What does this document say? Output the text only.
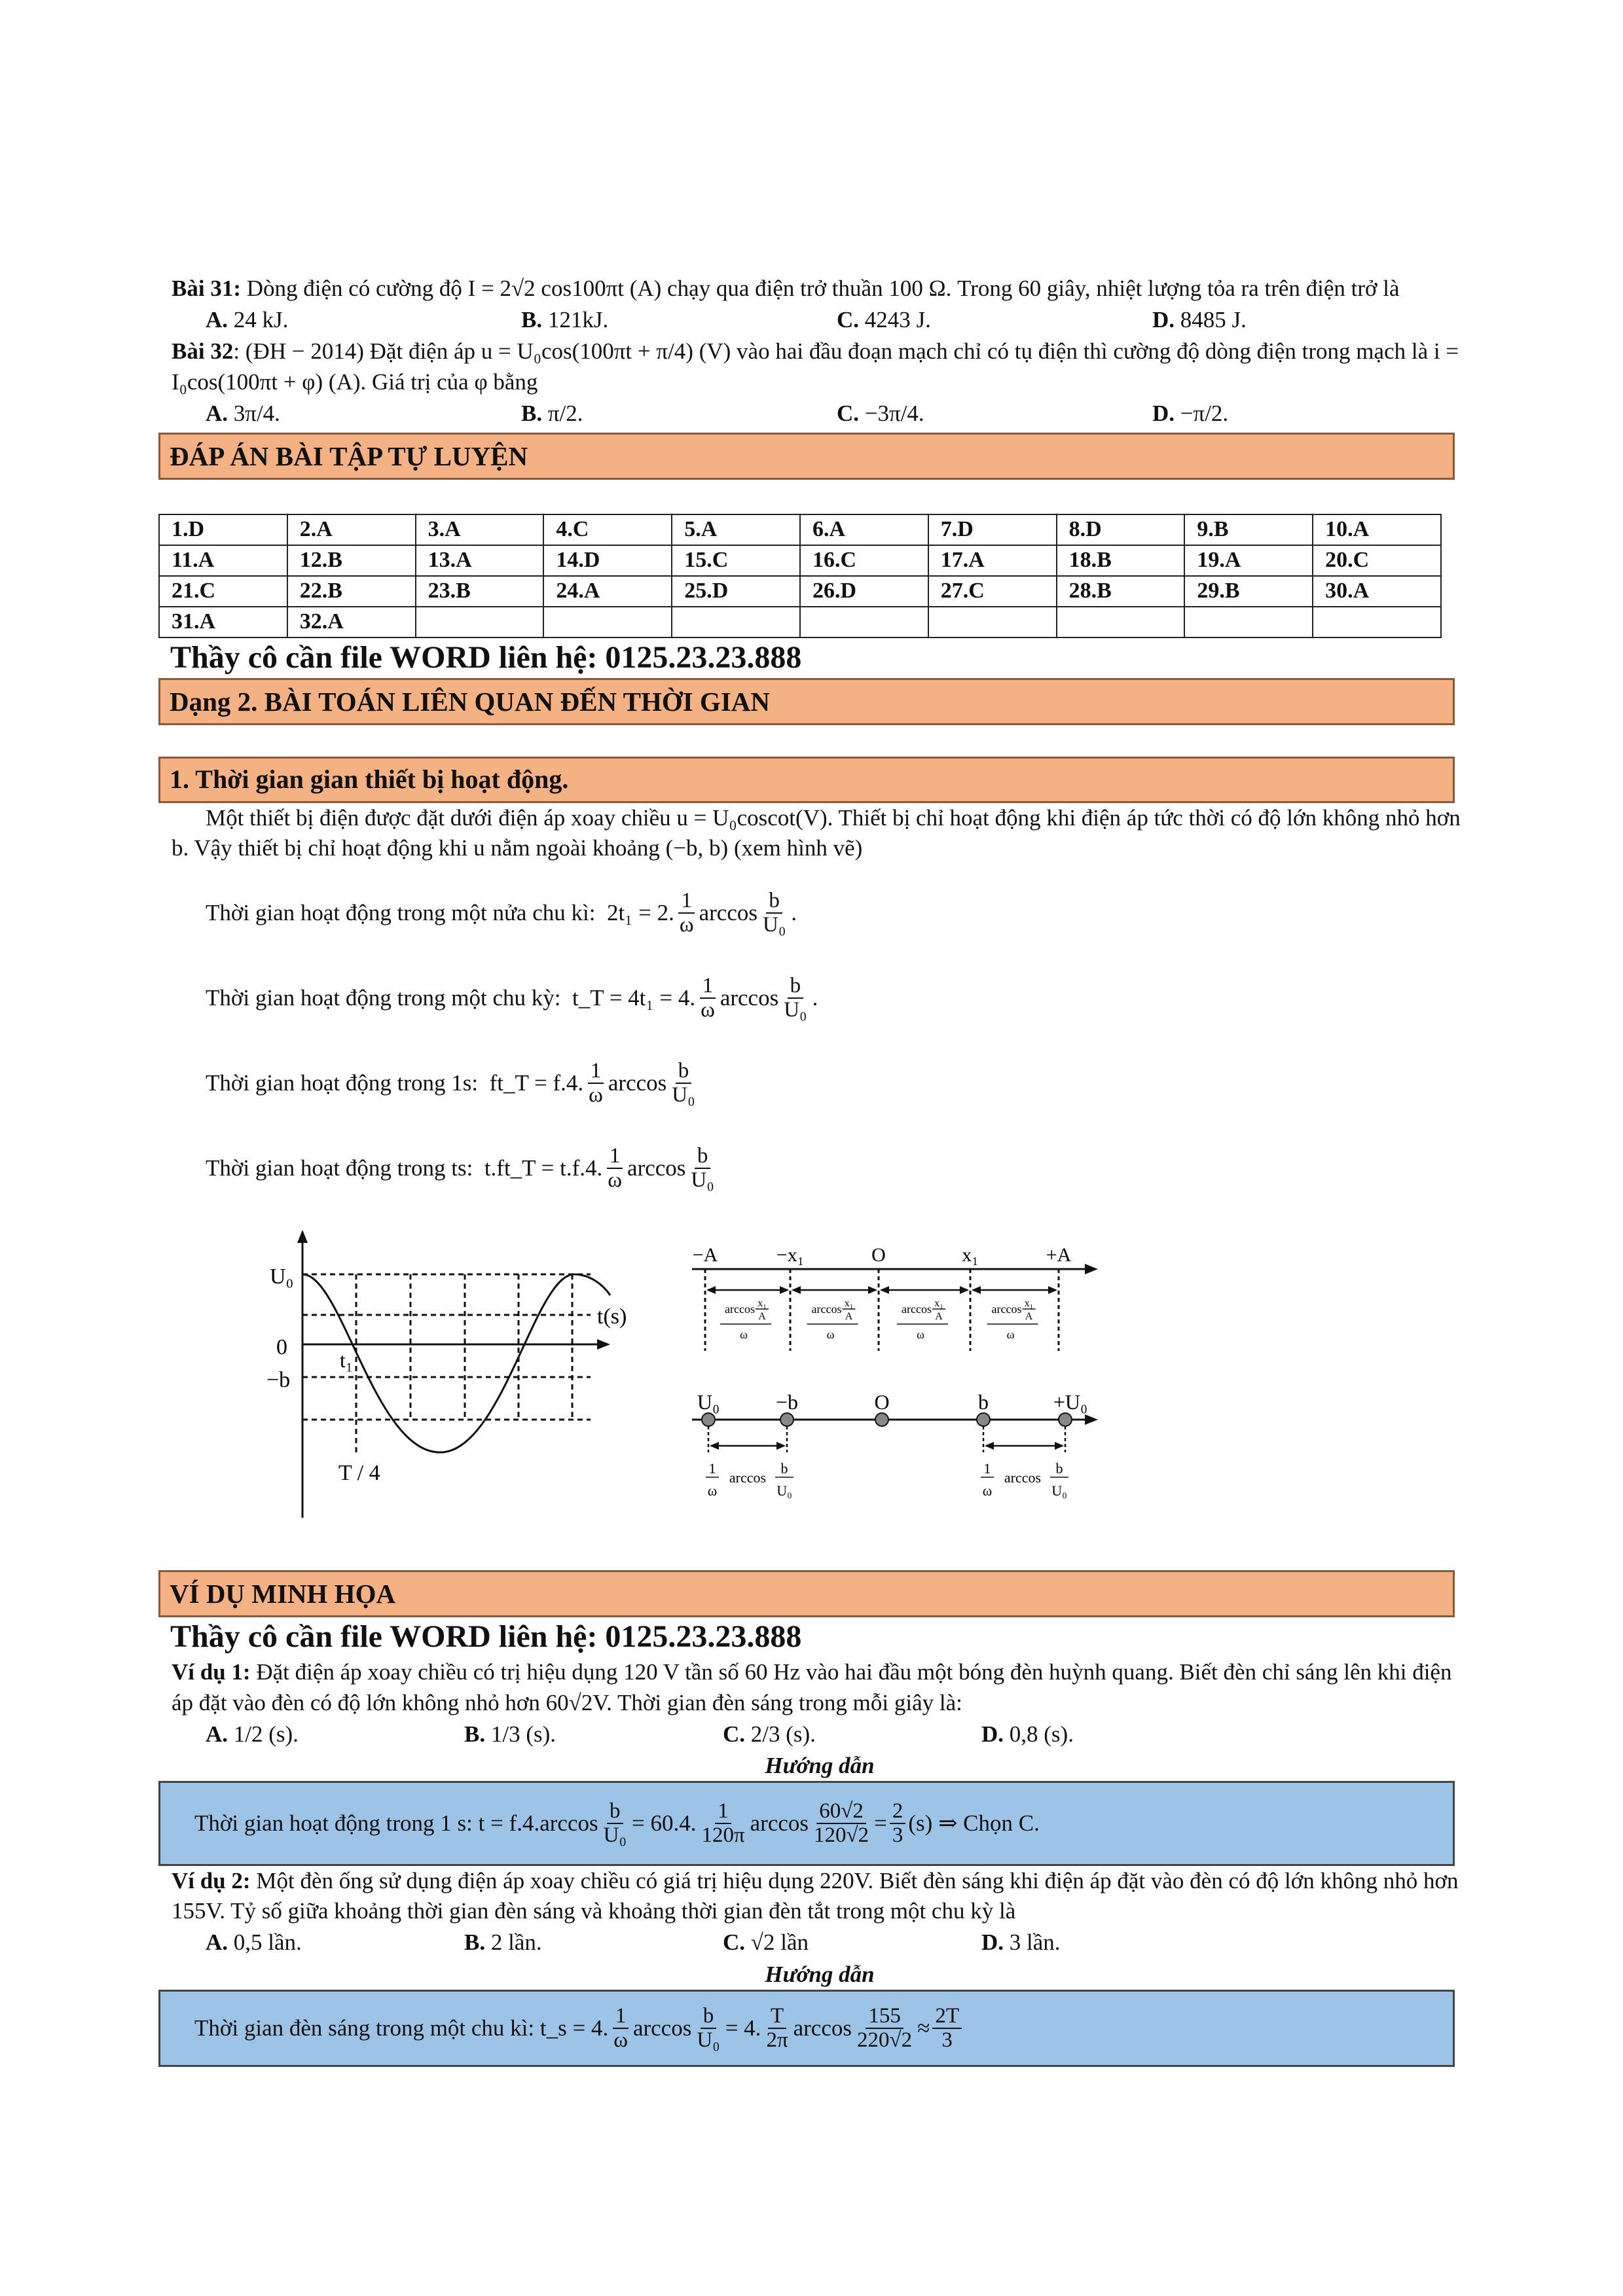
Bài 31: Dòng điện có cường độ I = 2√2 cos100πt (A) chạy qua điện trở thuần 100 Ω. Trong 60 giây, nhiệt lượng tỏa ra trên điện trở là

A. 24 kJ.	B. 121kJ.	C. 4243 J.	D. 8485 J.

Bài 32: (ĐH − 2014) Đặt điện áp u = U₀cos(100πt + π/4) (V) vào hai đầu đoạn mạch chỉ có tụ điện thì cường độ dòng điện trong mạch là i = I₀cos(100πt + φ) (A). Giá trị của φ bằng

A. 3π/4.	B. π/2.	C. −3π/4.	D. −π/2.
ĐÁP ÁN BÀI TẬP TỰ LUYỆN
1.D	2.A	3.A	4.C	5.A	6.A	7.D	8.D	9.B	10.A
11.A	12.B	13.A	14.D	15.C	16.C	17.A	18.B	19.A	20.C
21.C	22.B	23.B	24.A	25.D	26.D	27.C	28.B	29.B	30.A
31.A	32.A								
Thầy cô cần file WORD liên hệ: 0125.23.23.888
Dạng 2. BÀI TOÁN LIÊN QUAN ĐẾN THỜI GIAN
1. Thời gian gian thiết bị hoạt động.

Một thiết bị điện được đặt dưới điện áp xoay chiều u = U₀coscot(V). Thiết bị chỉ hoạt động khi điện áp tức thời có độ lớn không nhỏ hơn b. Vậy thiết bị chỉ hoạt động khi u nằm ngoài khoảng (−b, b) (xem hình vẽ)

Thời gian hoạt động trong một nửa chu kì:
2t₁ = 2. $\frac{1}{\omega}$ $\arccos \frac{b}{\text{U₀}}$ .
Thời gian hoạt động trong một chu kỳ:
t_T = 4t₁ = 4. $\frac{1}{\omega}$ $\arccos \frac{b}{\text{U₀}}$ .
Thời gian hoạt động trong 1s:
ft_T = f.4. $\frac{1}{\omega}$ $\arccos \frac{b}{\text{U₀}}$
Thời gian hoạt động trong ts:
t.ft_T = t.f.4. $\frac{1}{\omega}$ $\arccos \frac{b}{\text{U₀}}$
U₀
0
−b
t₁
t(s)
T / 4
−A	−x₁	O	x₁	+A
arccos x₁
A
ω
arccos x₁
A
ω
arccos x₁
A
ω
arccos x₁
A
ω
U₀	−b	O	b	+U₀
1
ω
arccos
b
U₀
1
ω
arccos
b
U₀
VÍ DỤ MINH HỌA
Thầy cô cần file WORD liên hệ: 0125.23.23.888

Ví dụ 1: Đặt điện áp xoay chiều có trị hiệu dụng 120 V tần số 60 Hz vào hai đầu một bóng đèn huỳnh quang. Biết đèn chỉ sáng lên khi điện áp đặt vào đèn có độ lớn không nhỏ hơn 60√2V. Thời gian đèn sáng trong mỗi giây là:

A. 1/2 (s).	B. 1/3 (s).	C. 2/3 (s).	D. 0,8 (s).

Hướng dẫn

Thời gian hoạt động trong 1 s:
$t = f.4.\arccos \frac{b}{\text{U₀}} = 60.4$. $\frac{1}{120\pi}$ $\arccos \frac{60√2}{120√2} = \frac{2}{3} (s)$ ⇒ Chọn C.

Ví dụ 2: Một đèn ống sử dụng điện áp xoay chiều có giá trị hiệu dụng 220V. Biết đèn sáng khi điện áp đặt vào đèn có độ lớn không nhỏ hơn 155V. Tỷ số giữa khoảng thời gian đèn sáng và khoảng thời gian đèn tắt trong một chu kỳ là

A. 0,5 lần.	B. 2 lần.	C. √2 lần	D. 3 lần.

Hướng dẫn

Thời gian đèn sáng trong một chu kì:
t_s = 4. $\frac{1}{\omega}$ $\arccos \frac{b}{\text{U₀}} = 4$. $\frac{T}{2\pi}$ $\arccos \frac{155}{220√2} \approx \frac{2T}{3}$
